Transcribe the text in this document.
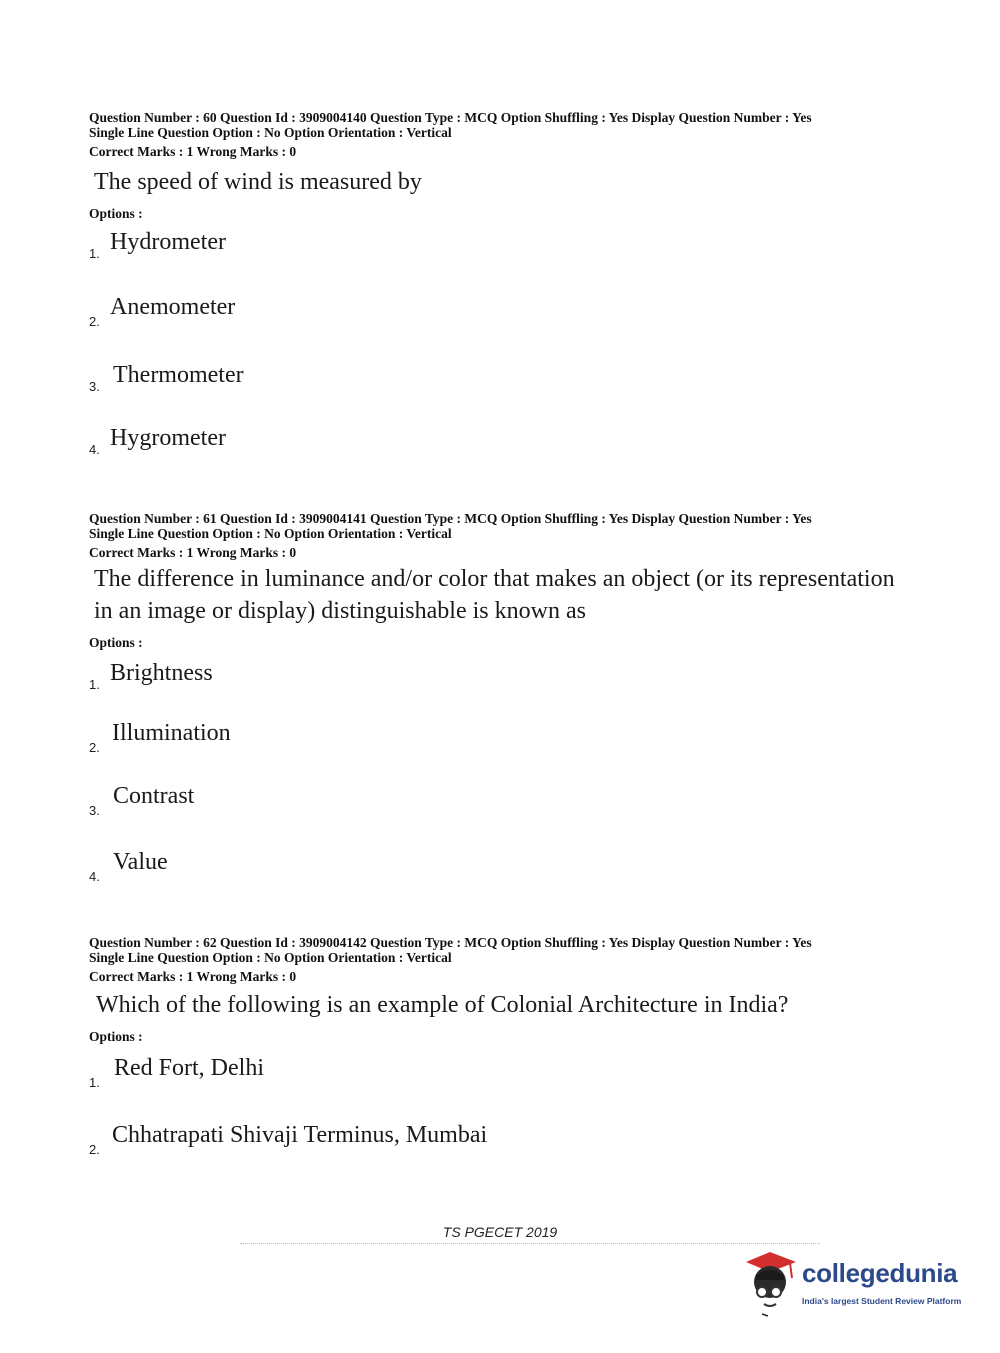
Question Number : 60 Question Id : 3909004140 Question Type : MCQ Option Shuffling : Yes Display Question Number : Yes
Single Line Question Option : No Option Orientation : Vertical
Correct Marks : 1 Wrong Marks : 0
The speed of wind is measured by
Options :
1. Hydrometer
2.
Anemometer
3. Thermometer
4. Hygrometer
Question Number : 61 Question Id : 3909004141 Question Type : MCQ Option Shuffling : Yes Display Question Number : Yes
Single Line Question Option : No Option Orientation : Vertical
Correct Marks : 1 Wrong Marks : 0
The difference in luminance and/or color that makes an object (or its representation in an image or display) distinguishable is known as
Options :
1. Brightness
2.
Illumination
3.
Contrast
4.
Value
Question Number : 62 Question Id : 3909004142 Question Type : MCQ Option Shuffling : Yes Display Question Number : Yes
Single Line Question Option : No Option Orientation : Vertical
Correct Marks : 1 Wrong Marks : 0
Which of the following is an example of Colonial Architecture in India?
Options :
1.
Red Fort, Delhi
2.
Chhatrapati Shivaji Terminus, Mumbai
TS PGECET 2019
collegedunia
India's largest Student Review Platform
